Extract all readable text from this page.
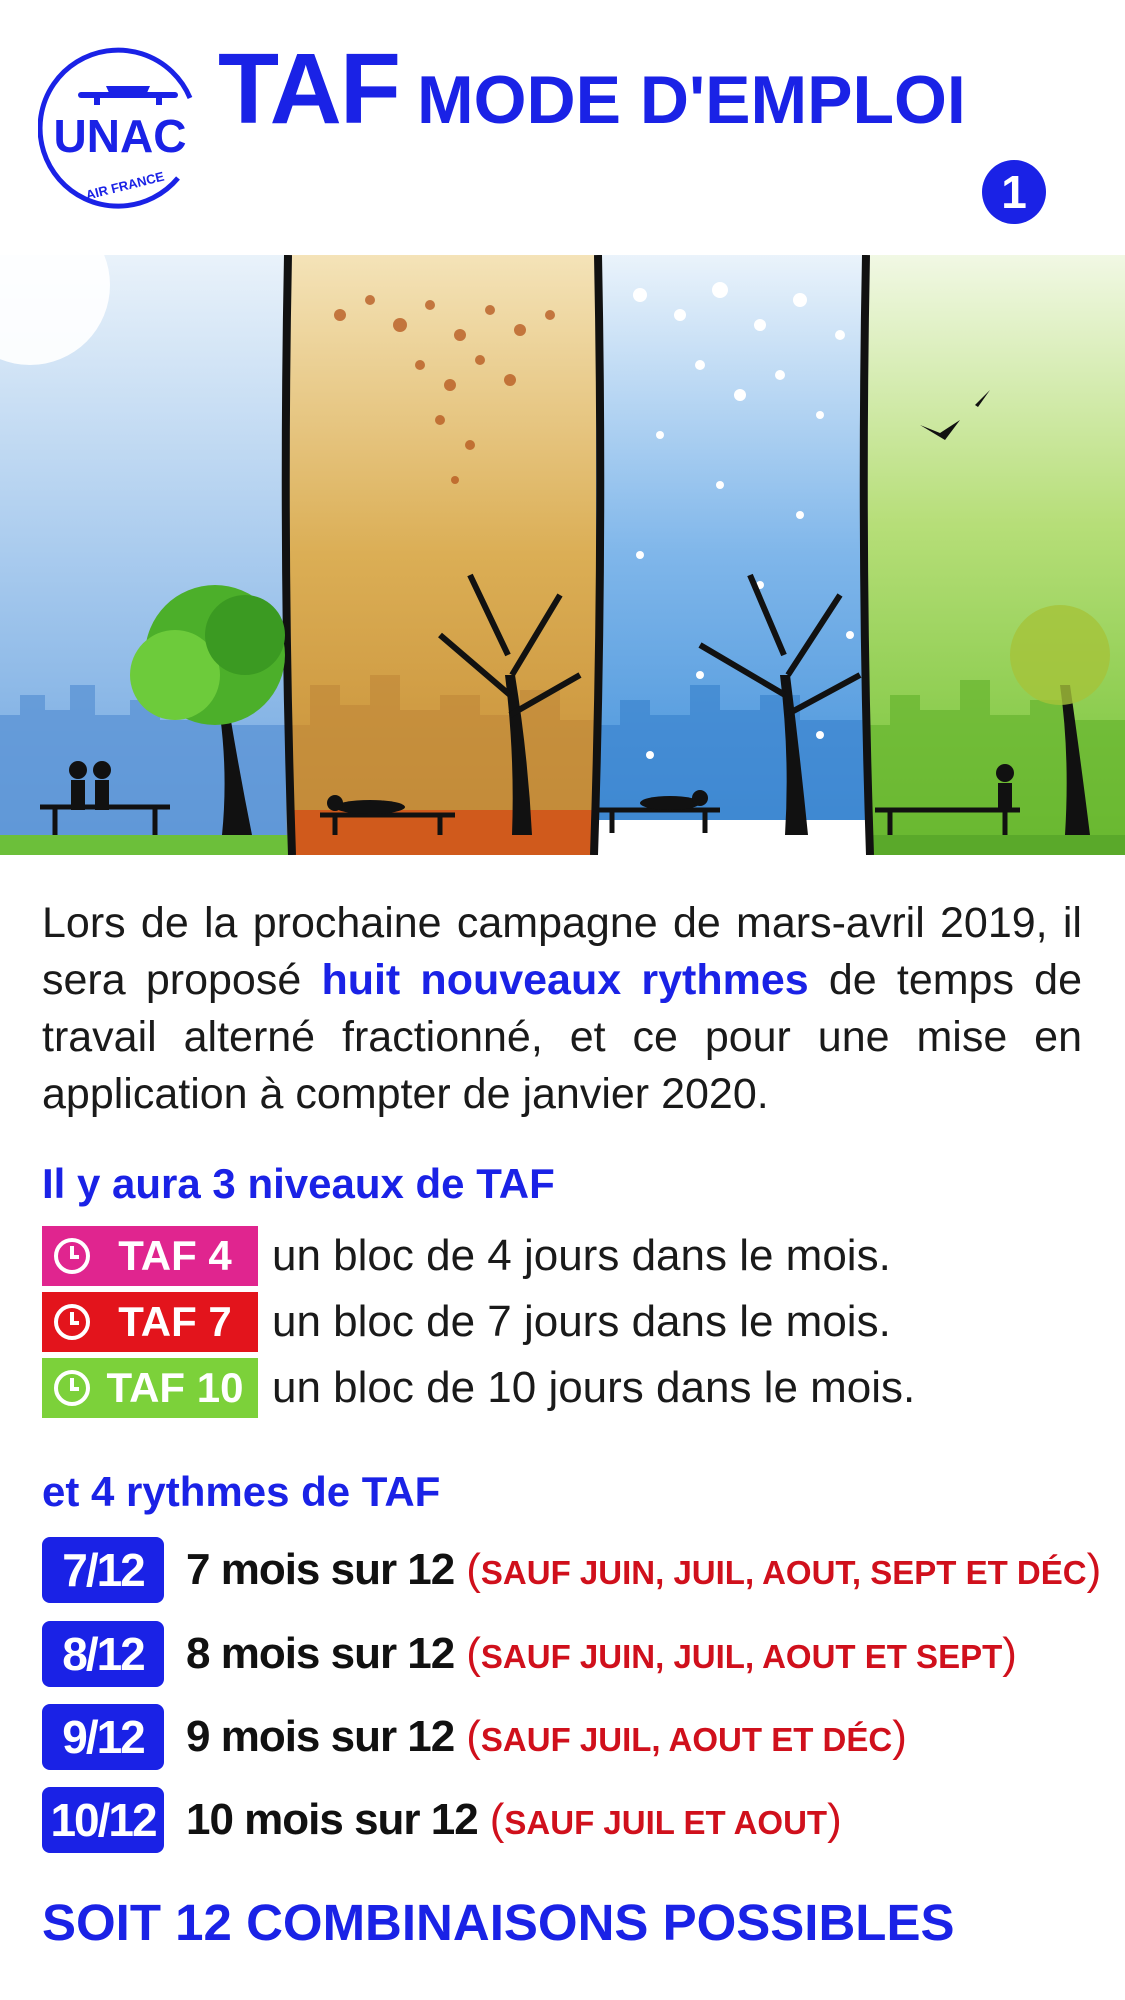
UNAC
AIR FRANCE
TAF MODE D'EMPLOI
1
Lors de la prochaine campagne de mars-avril 2019, il sera proposé huit nouveaux rythmes de temps de travail alterné fractionné, et ce pour une mise en application à compter de janvier 2020.
Il y aura 3 niveaux de TAF
TAF 4 un bloc de 4 jours dans le mois.
TAF 7 un bloc de 7 jours dans le mois.
TAF 10 un bloc de 10 jours dans le mois.
et 4 rythmes de TAF
7/12 7 mois sur 12 (SAUF JUIN, JUIL, AOUT, SEPT ET DÉC)
8/12 8 mois sur 12 (SAUF JUIN, JUIL, AOUT ET SEPT)
9/12 9 mois sur 12 (SAUF JUIL, AOUT ET DÉC)
10/12 10 mois sur 12 (SAUF JUIL ET AOUT)
SOIT 12 COMBINAISONS POSSIBLES
